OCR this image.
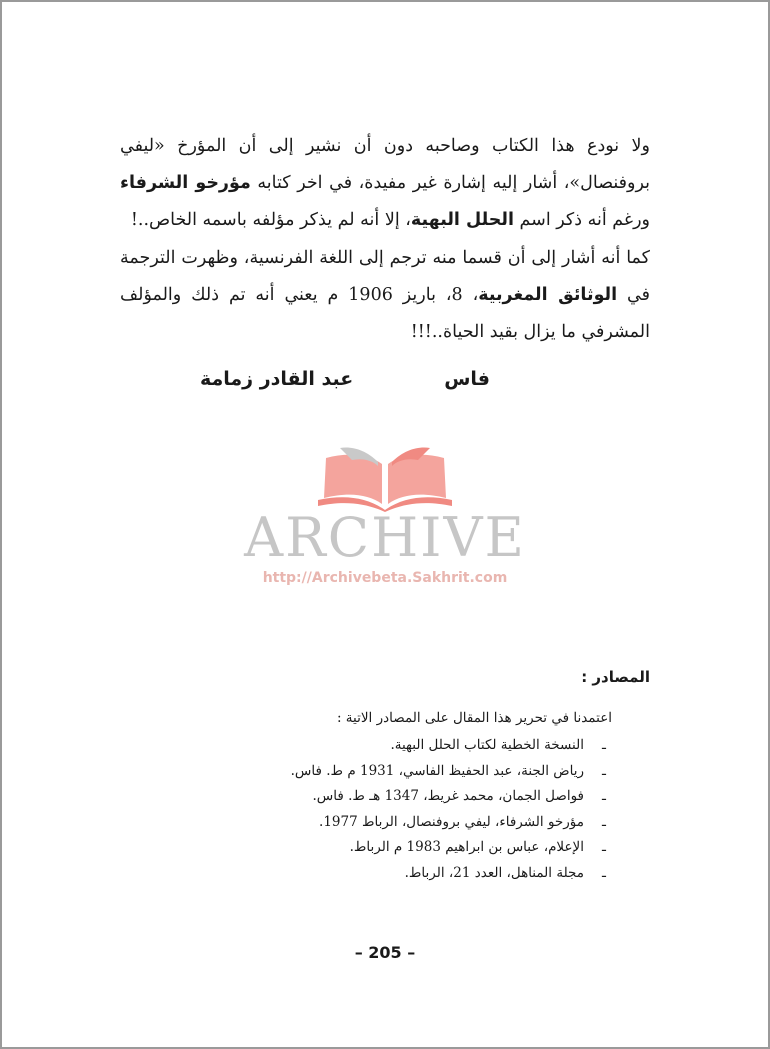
ولا نودع هذا الكتاب وصاحبه دون أن نشير إلى أن المؤرخ «ليفي بروفنصال»، أشار إليه إشارة غير مفيدة، في اخر كتابه مؤرخو الشرفاء ورغم أنه ذكر اسم الحلل البهية، إلا أنه لم يذكر مؤلفه باسمه الخاص..!

كما أنه أشار إلى أن قسما منه ترجم إلى اللغة الفرنسية، وظهرت الترجمة في الوثائق المغربية، 8، باريز 1906 م يعني أنه تم ذلك والمؤلف المشرفي ما يزال بقيد الحياة..!!!

فاس
عبد القادر زمامة
ARCHIVE
http://Archivebeta.Sakhrit.com
المصادر :
اعتمدنا في تحرير هذا المقال على المصادر الاتية :
ـالنسخة الخطية لكتاب الحلل البهية.
ـرياض الجنة، عبد الحفيظ الفاسي، 1931 م ط. فاس.
ـفواصل الجمان، محمد غريط، 1347 هـ ط. فاس.
ـمؤرخو الشرفاء، ليفي بروفنصال، الرباط 1977.
ـالإعلام، عباس بن ابراهيم 1983 م الرباط.
ـمجلة المناهل، العدد 21، الرباط.
– 205 –
